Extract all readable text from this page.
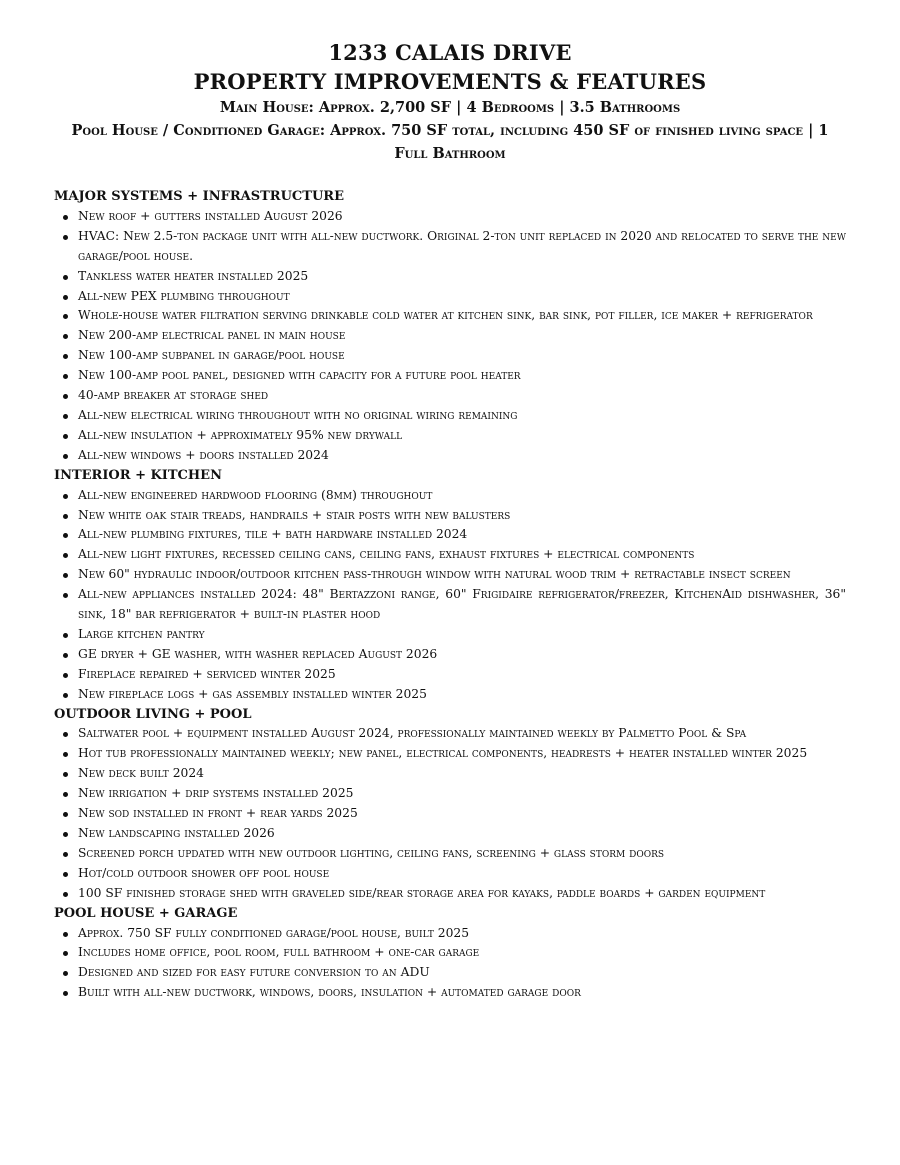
1233 CALAIS DRIVE
PROPERTY IMPROVEMENTS & FEATURES
Main House: Approx. 2,700 SF | 4 Bedrooms | 3.5 Bathrooms
Pool House / Conditioned Garage: Approx. 750 SF total, including 450 SF of finished living space | 1 Full Bathroom
MAJOR SYSTEMS + INFRASTRUCTURE
New roof + gutters installed August 2026
HVAC: New 2.5-ton package unit with all-new ductwork. Original 2-ton unit replaced in 2020 and relocated to serve the new garage/pool house.
Tankless water heater installed 2025
All-new PEX plumbing throughout
Whole-house water filtration serving drinkable cold water at kitchen sink, bar sink, pot filler, ice maker + refrigerator
New 200-amp electrical panel in main house
New 100-amp subpanel in garage/pool house
New 100-amp pool panel, designed with capacity for a future pool heater
40-amp breaker at storage shed
All-new electrical wiring throughout with no original wiring remaining
All-new insulation + approximately 95% new drywall
All-new windows + doors installed 2024
INTERIOR + KITCHEN
All-new engineered hardwood flooring (8mm) throughout
New white oak stair treads, handrails + stair posts with new balusters
All-new plumbing fixtures, tile + bath hardware installed 2024
All-new light fixtures, recessed ceiling cans, ceiling fans, exhaust fixtures + electrical components
New 60" hydraulic indoor/outdoor kitchen pass-through window with natural wood trim + retractable insect screen
All-new appliances installed 2024: 48" Bertazzoni range, 60" Frigidaire refrigerator/freezer, KitchenAid dishwasher, 36" sink, 18" bar refrigerator + built-in plaster hood
Large kitchen pantry
GE dryer + GE washer, with washer replaced August 2026
Fireplace repaired + serviced winter 2025
New fireplace logs + gas assembly installed winter 2025
OUTDOOR LIVING + POOL
Saltwater pool + equipment installed August 2024, professionally maintained weekly by Palmetto Pool & Spa
Hot tub professionally maintained weekly; new panel, electrical components, headrests + heater installed winter 2025
New deck built 2024
New irrigation + drip systems installed 2025
New sod installed in front + rear yards 2025
New landscaping installed 2026
Screened porch updated with new outdoor lighting, ceiling fans, screening + glass storm doors
Hot/cold outdoor shower off pool house
100 SF finished storage shed with graveled side/rear storage area for kayaks, paddle boards + garden equipment
POOL HOUSE + GARAGE
Approx. 750 SF fully conditioned garage/pool house, built 2025
Includes home office, pool room, full bathroom + one-car garage
Designed and sized for easy future conversion to an ADU
Built with all-new ductwork, windows, doors, insulation + automated garage door
